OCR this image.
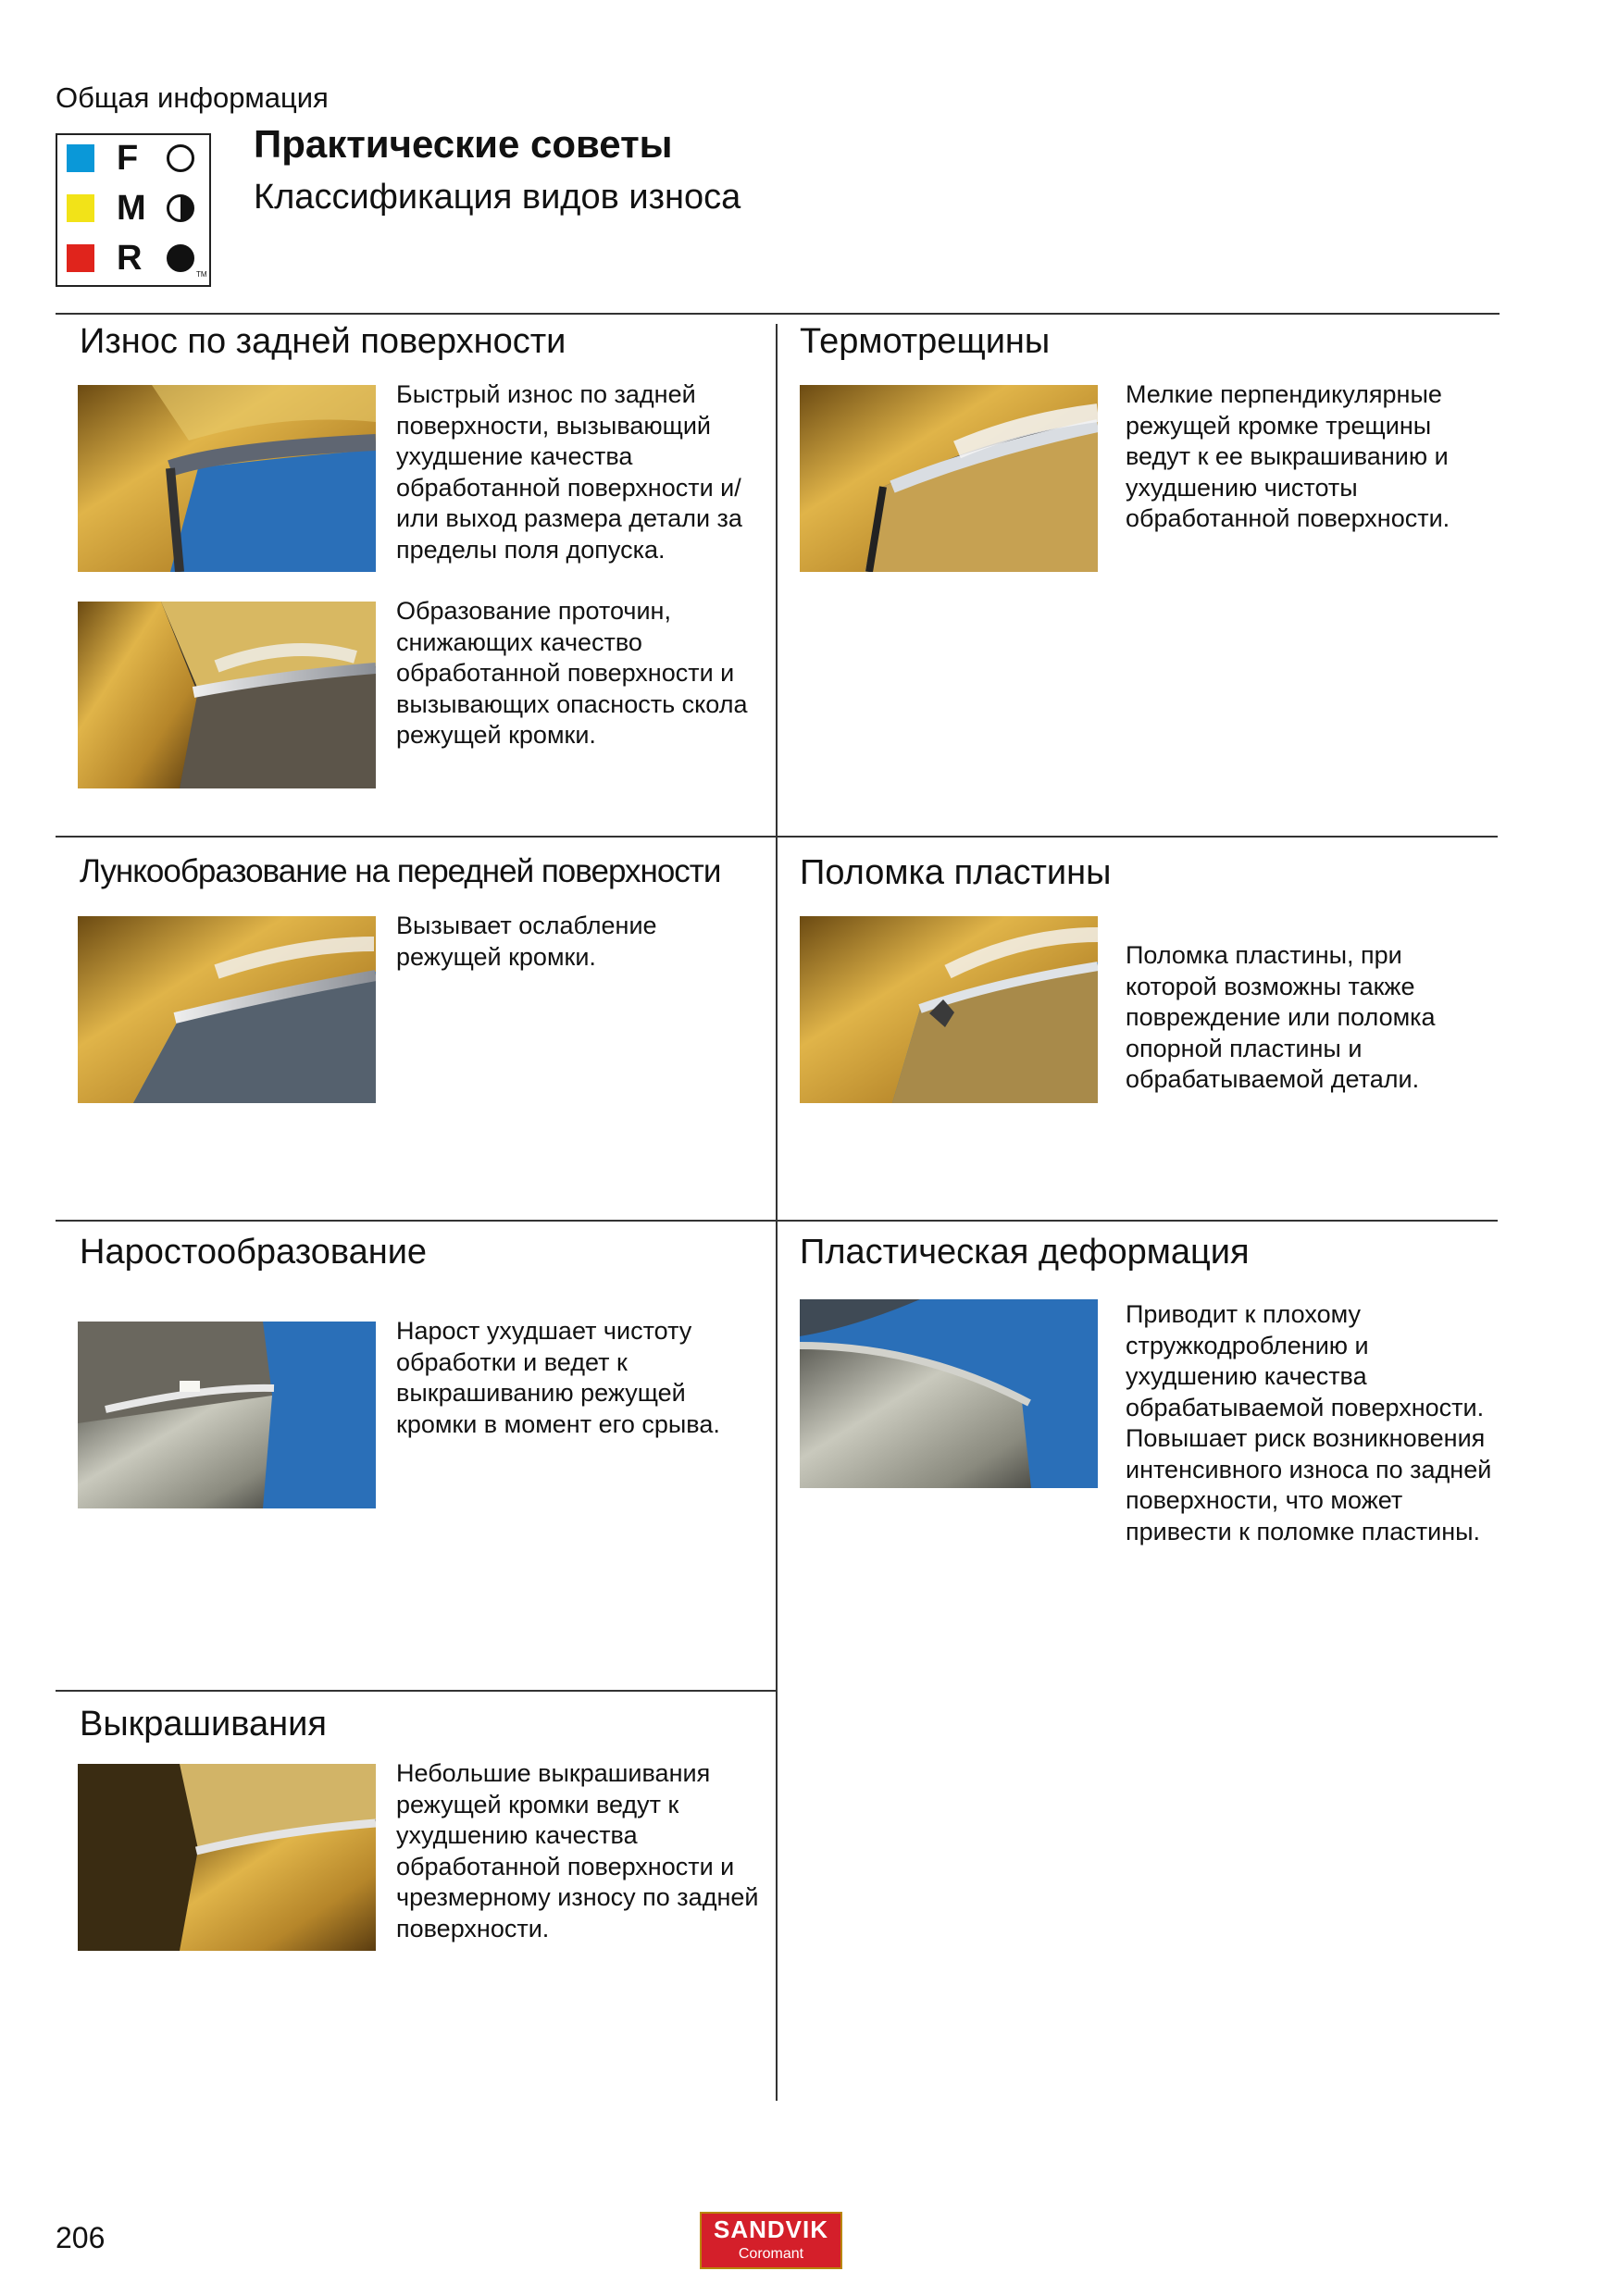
Общая информация
F
M
R	TM
Практические советы
Классификация видов износа
Износ по задней поверхности
Быстрый износ по задней поверхности, вызывающий ухудшение качества обработанной поверхности и/или выход размера детали за пределы поля допуска.
Образование проточин, снижающих качество обработанной поверхности и вызывающих опасность скола режущей кромки.
Термотрещины
Мелкие перпендикулярные режущей кромке трещины ведут к ее выкрашиванию и ухудшению чистоты обработанной поверхности.
Лункообразование на передней поверхности
Вызывает ослабление режущей кромки.
Поломка пластины
Поломка пластины, при которой возможны также повреждение или поломка опорной пластины и обрабатываемой детали.
Наростообразование
Нарост ухудшает чистоту обработки и ведет к выкрашиванию режущей кромки в момент его срыва.
Пластическая деформация
Приводит к плохому стружкодроблению и ухудшению качества обрабатываемой поверхности. Повышает риск возникновения интенсивного износа по задней поверхности, что может привести к поломке пластины.
Выкрашивания
Небольшие выкрашивания режущей кромки ведут к ухудшению качества обработанной поверхности и чрезмерному износу по задней поверхности.
206	SANDVIK
Coromant
